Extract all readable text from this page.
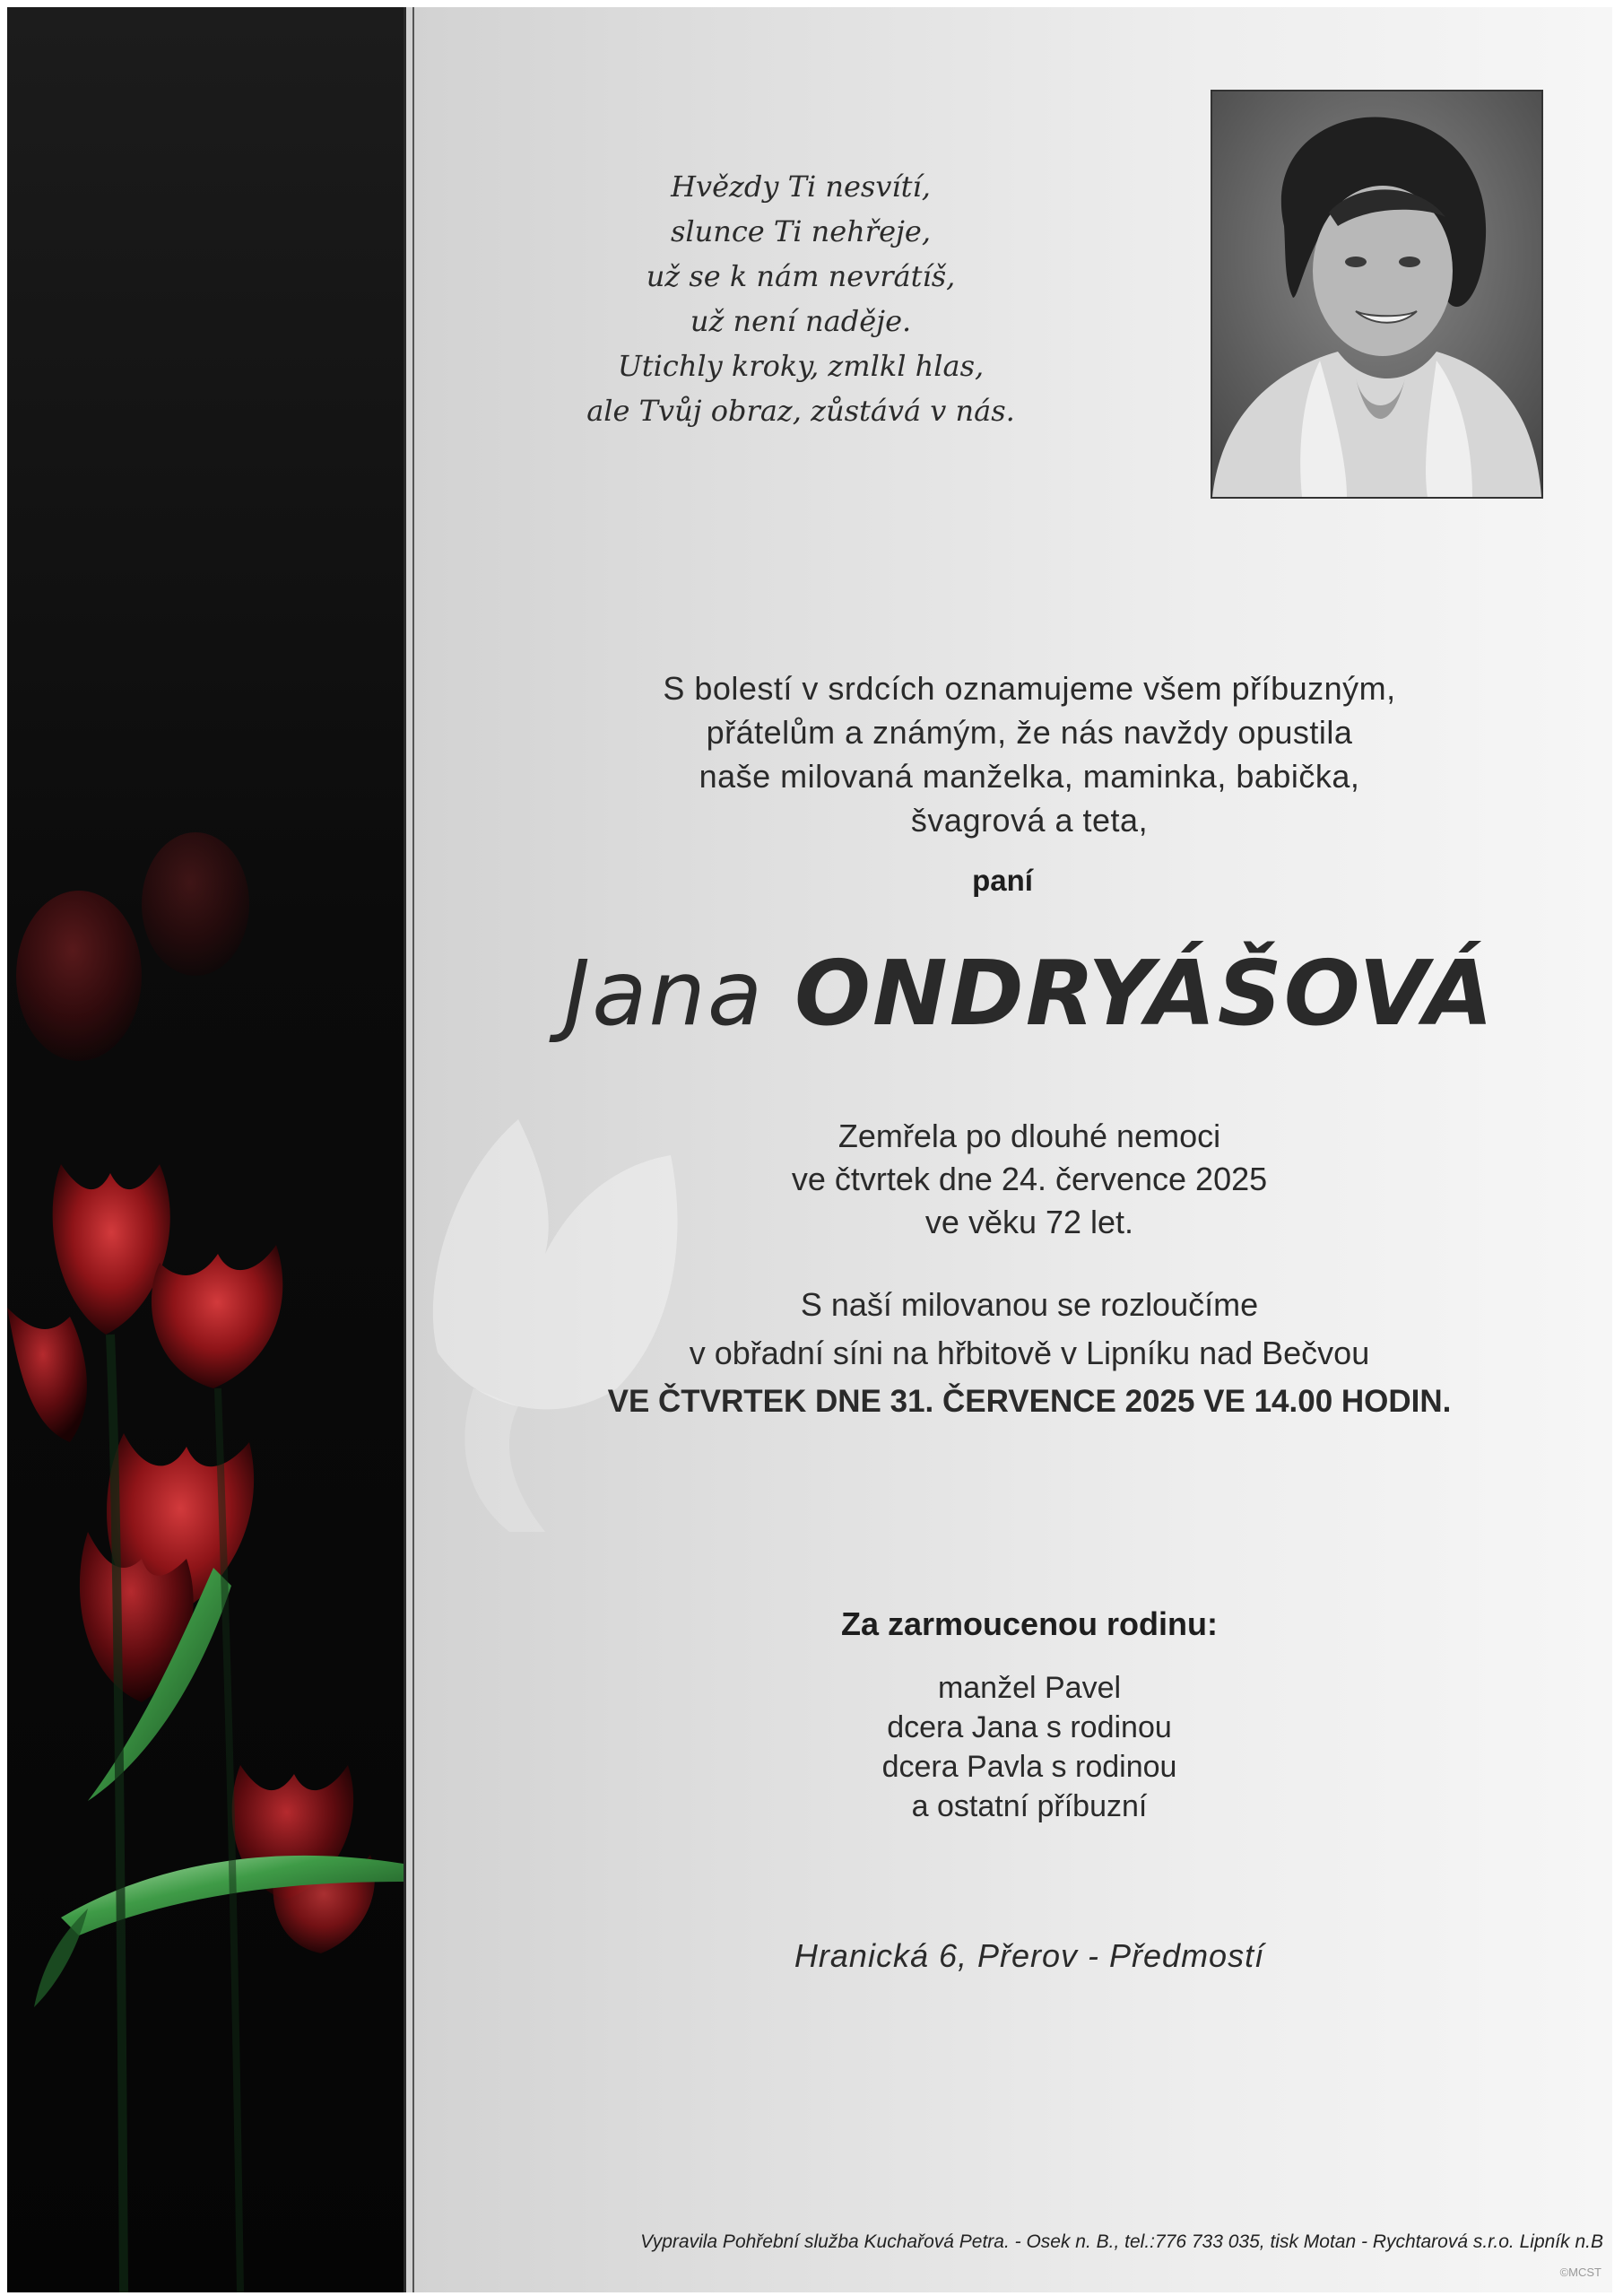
Hvězdy Ti nesvítí,
slunce Ti nehřeje,
už se k nám nevrátíš,
už není naděje.
Utichly kroky, zmlkl hlas,
ale Tvůj obraz, zůstává v nás.
S bolestí v srdcích oznamujeme všem příbuzným,
přátelům a známým, že nás navždy opustila
naše milovaná manželka, maminka, babička,
švagrová a teta,
paní
Jana ONDRYÁŠOVÁ
Zemřela po dlouhé nemoci
ve čtvrtek dne 24. července 2025
ve věku 72 let.
S naší milovanou se rozloučíme
v obřadní síni na hřbitově v Lipníku nad Bečvou
VE ČTVRTEK DNE 31. ČERVENCE 2025 VE 14.00 HODIN.
Za zarmoucenou rodinu:
manžel Pavel
dcera Jana s rodinou
dcera Pavla s rodinou
a ostatní příbuzní
Hranická 6, Přerov - Předmostí
Vypravila Pohřební služba Kuchařová Petra. - Osek n. B., tel.:776 733 035, tisk Motan - Rychtarová s.r.o. Lipník n.B
©MCST
